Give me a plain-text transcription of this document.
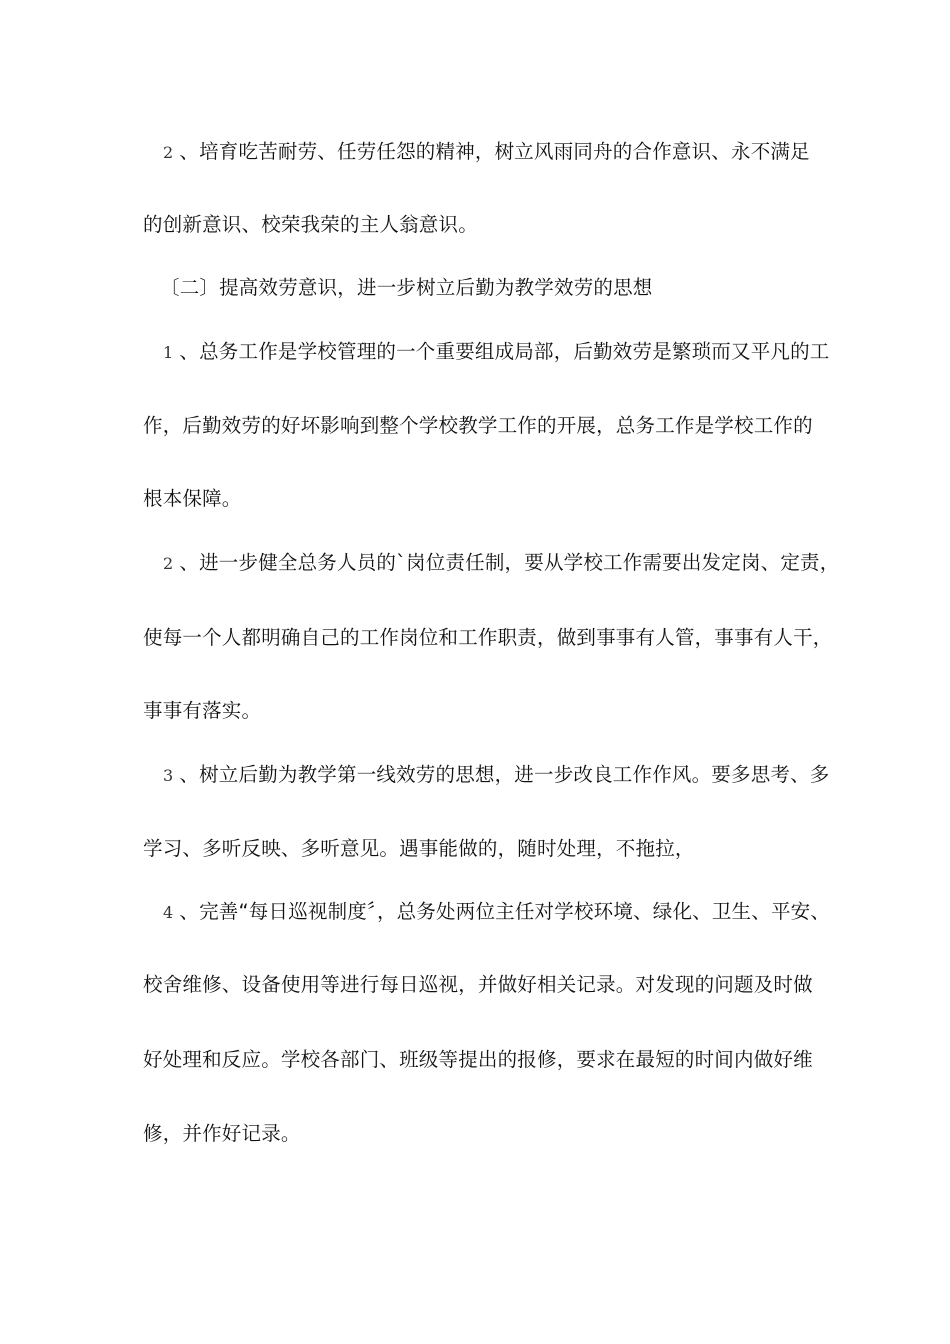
2 、培育吃苦耐劳、任劳任怨的精神，树立风雨同舟的合作意识、永不满足

的创新意识、校荣我荣的主人翁意识。

〔二〕提高效劳意识，进一步树立后勤为教学效劳的思想

1 、总务工作是学校管理的一个重要组成局部，后勤效劳是繁琐而又平凡的工

作，后勤效劳的好坏影响到整个学校教学工作的开展，总务工作是学校工作的

根本保障。

2 、进一步健全总务人员的`岗位责任制，要从学校工作需要出发定岗、定责，

使每一个人都明确自己的工作岗位和工作职责，做到事事有人管，事事有人干，

事事有落实。

3 、树立后勤为教学第一线效劳的思想，进一步改良工作作风。要多思考、多

学习、多听反映、多听意见。遇事能做的，随时处理，不拖拉，

4 、完善“每日巡视制度〞，总务处两位主任对学校环境、绿化、卫生、平安、

校舍维修、设备使用等进行每日巡视，并做好相关记录。对发现的问题及时做

好处理和反应。学校各部门、班级等提出的报修，要求在最短的时间内做好维

修，并作好记录。
